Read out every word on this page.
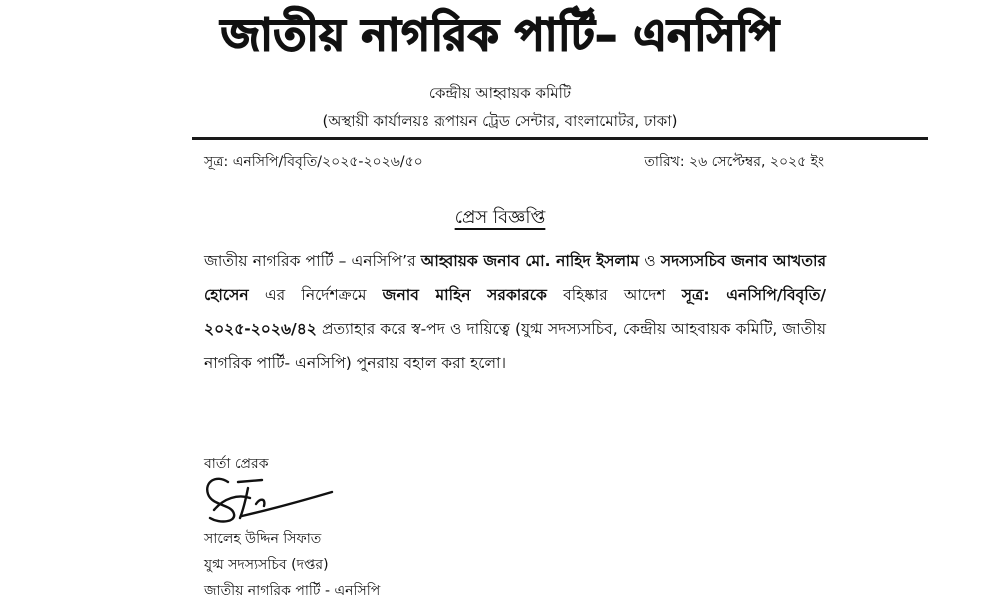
জাতীয় নাগরিক পার্টি– এনসিপি
কেন্দ্রীয় আহ্বায়ক কমিটি
(অস্থায়ী কার্যালয়ঃ রূপায়ন ট্রেড সেন্টার, বাংলামোটর, ঢাকা)
সূত্র: এনসিপি/বিবৃতি/২০২৫-২০২৬/৫০	তারিখ: ২৬ সেপ্টেম্বর, ২০২৫ ইং
প্রেস বিজ্ঞপ্তি
জাতীয় নাগরিক পার্টি – এনসিপি’র আহ্বায়ক জনাব মো. নাহিদ ইসলাম ও সদস্যসচিব জনাব আখতার হোসেন এর নির্দেশক্রমে জনাব মাহিন সরকারকে বহিষ্কার আদেশ সূত্র: এনসিপি/বিবৃতি/২০২৫-২০২৬/৪২ প্রত্যাহার করে স্ব-পদ ও দায়িত্বে (যুগ্ম সদস্যসচিব, কেন্দ্রীয় আহবায়ক কমিটি, জাতীয় নাগরিক পার্টি- এনসিপি) পুনরায় বহাল করা হলো।
বার্তা প্রেরক
সালেহ উদ্দিন সিফাত
যুগ্ম সদস্যসচিব (দপ্তর)
জাতীয় নাগরিক পার্টি - এনসিপি
